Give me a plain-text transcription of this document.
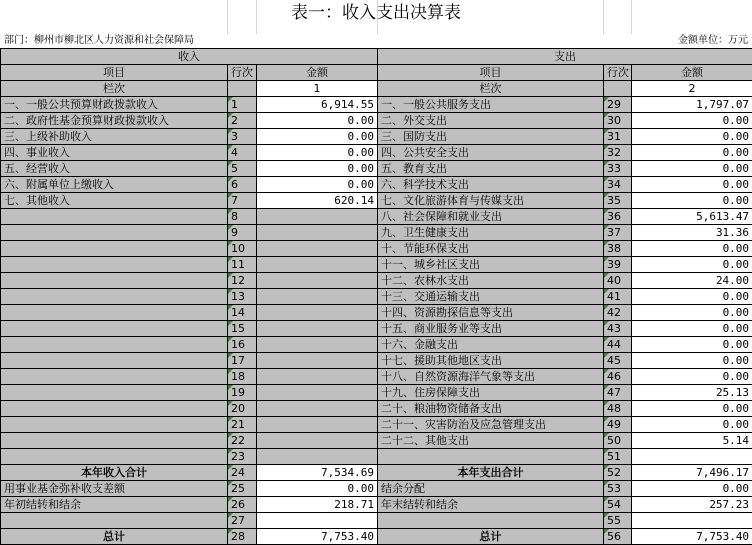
表一：收入支出决算表
部门：柳州市柳北区人力资源和社会保障局	金额单位：万元
收入			支出		
项目	行次	金额	项目	行次	金额
栏次		1	栏次		2
一、一般公共预算财政拨款收入	1	6,914.55	一、一般公共服务支出	29	1,797.07
二、政府性基金预算财政拨款收入	2	0.00	二、外交支出	30	0.00
三、上级补助收入	3	0.00	三、国防支出	31	0.00
四、事业收入	4	0.00	四、公共安全支出	32	0.00
五、经营收入	5	0.00	五、教育支出	33	0.00
六、附属单位上缴收入	6	0.00	六、科学技术支出	34	0.00
七、其他收入	7	620.14	七、文化旅游体育与传媒支出	35	0.00
	8		八、社会保障和就业支出	36	5,613.47
	9		九、卫生健康支出	37	31.36
	10		十、节能环保支出	38	0.00
	11		十一、城乡社区支出	39	0.00
	12		十二、农林水支出	40	24.00
	13		十三、交通运输支出	41	0.00
	14		十四、资源勘探信息等支出	42	0.00
	15		十五、商业服务业等支出	43	0.00
	16		十六、金融支出	44	0.00
	17		十七、援助其他地区支出	45	0.00
	18		十八、自然资源海洋气象等支出	46	0.00
	19		十九、住房保障支出	47	25.13
	20		二十、粮油物资储备支出	48	0.00
	21		二十一、灾害防治及应急管理支出	49	0.00
	22		二十二、其他支出	50	5.14
	23			51	
本年收入合计	24	7,534.69	本年支出合计	52	7,496.17
用事业基金弥补收支差额	25	0.00	结余分配	53	0.00
年初结转和结余	26	218.71	年末结转和结余	54	257.23
	27			55	
总计	28	7,753.40	总计	56	7,753.40
